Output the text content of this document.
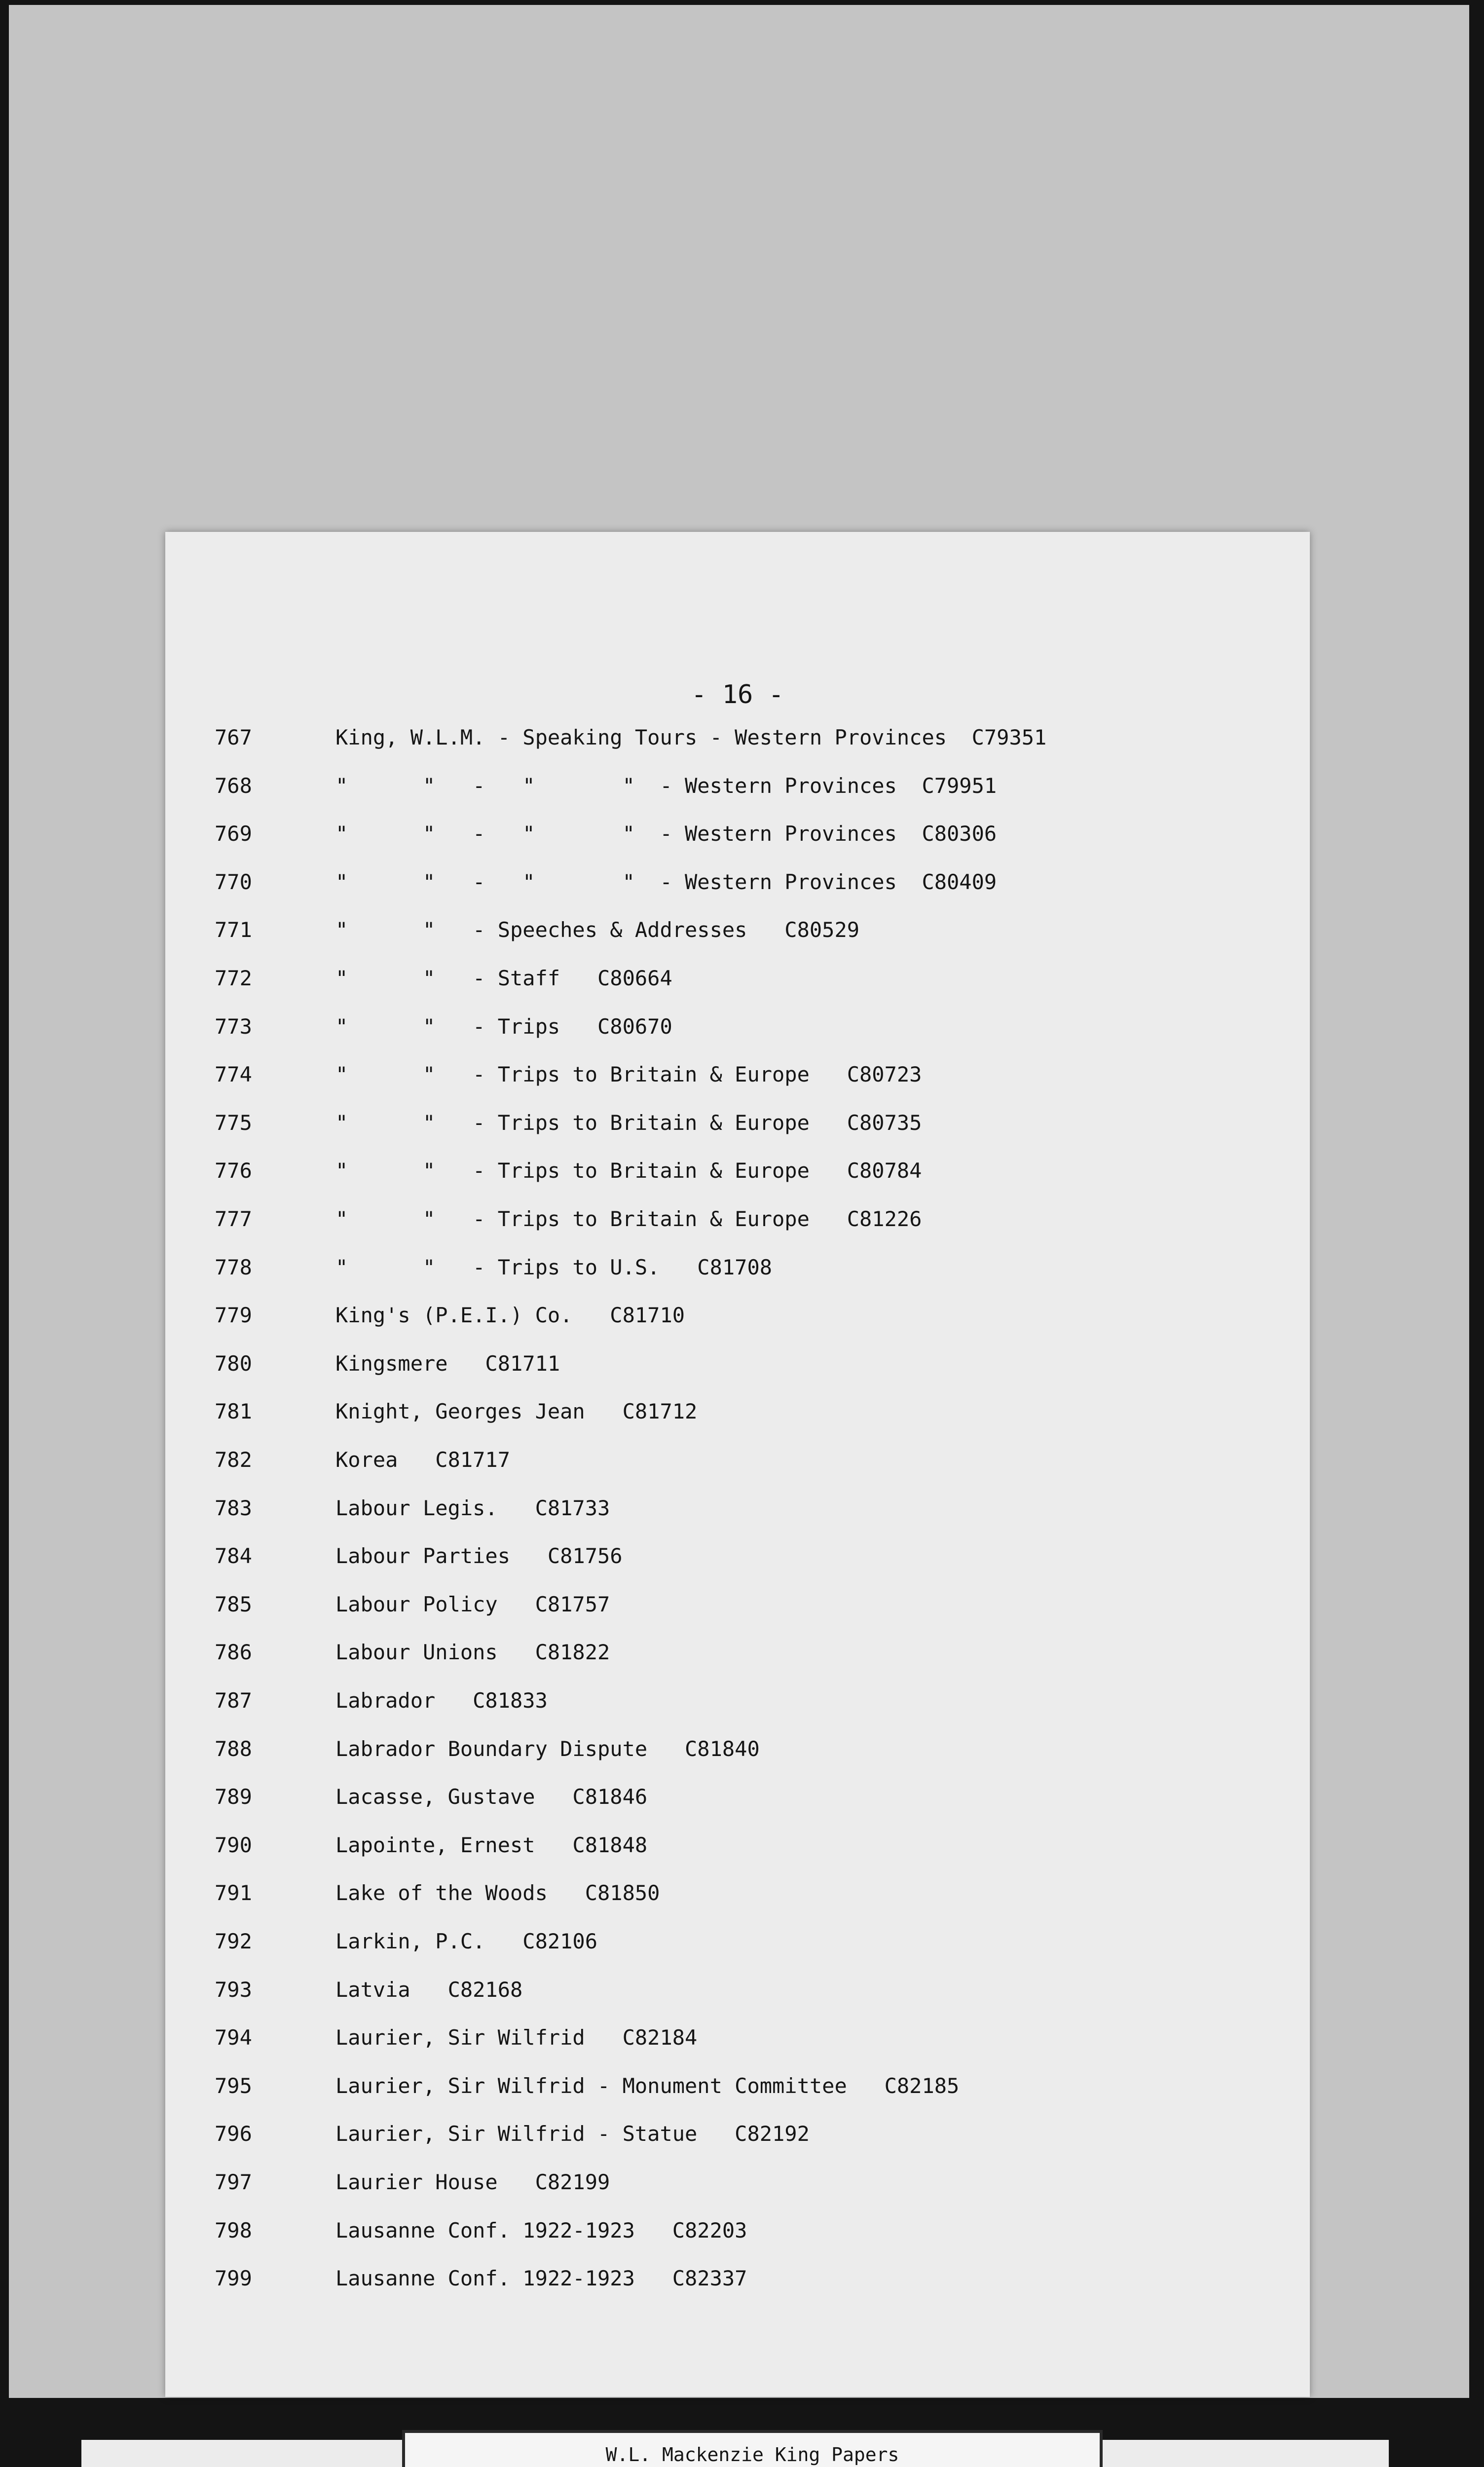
- 16 -
767	King, W.L.M. - Speaking Tours - Western Provinces  C79351
768	"      "   -   "       "  - Western Provinces  C79951
769	"      "   -   "       "  - Western Provinces  C80306
770	"      "   -   "       "  - Western Provinces  C80409
771	"      "   - Speeches & Addresses   C80529
772	"      "   - Staff   C80664
773	"      "   - Trips   C80670
774	"      "   - Trips to Britain & Europe   C80723
775	"      "   - Trips to Britain & Europe   C80735
776	"      "   - Trips to Britain & Europe   C80784
777	"      "   - Trips to Britain & Europe   C81226
778	"      "   - Trips to U.S.   C81708
779	King's (P.E.I.) Co.   C81710
780	Kingsmere   C81711
781	Knight, Georges Jean   C81712
782	Korea   C81717
783	Labour Legis.   C81733
784	Labour Parties   C81756
785	Labour Policy   C81757
786	Labour Unions   C81822
787	Labrador   C81833
788	Labrador Boundary Dispute   C81840
789	Lacasse, Gustave   C81846
790	Lapointe, Ernest   C81848
791	Lake of the Woods   C81850
792	Larkin, P.C.   C82106
793	Latvia   C82168
794	Laurier, Sir Wilfrid   C82184
795	Laurier, Sir Wilfrid - Monument Committee   C82185
796	Laurier, Sir Wilfrid - Statue   C82192
797	Laurier House   C82199
798	Lausanne Conf. 1922-1923   C82203
799	Lausanne Conf. 1922-1923   C82337
W.L. Mackenzie King Papers
